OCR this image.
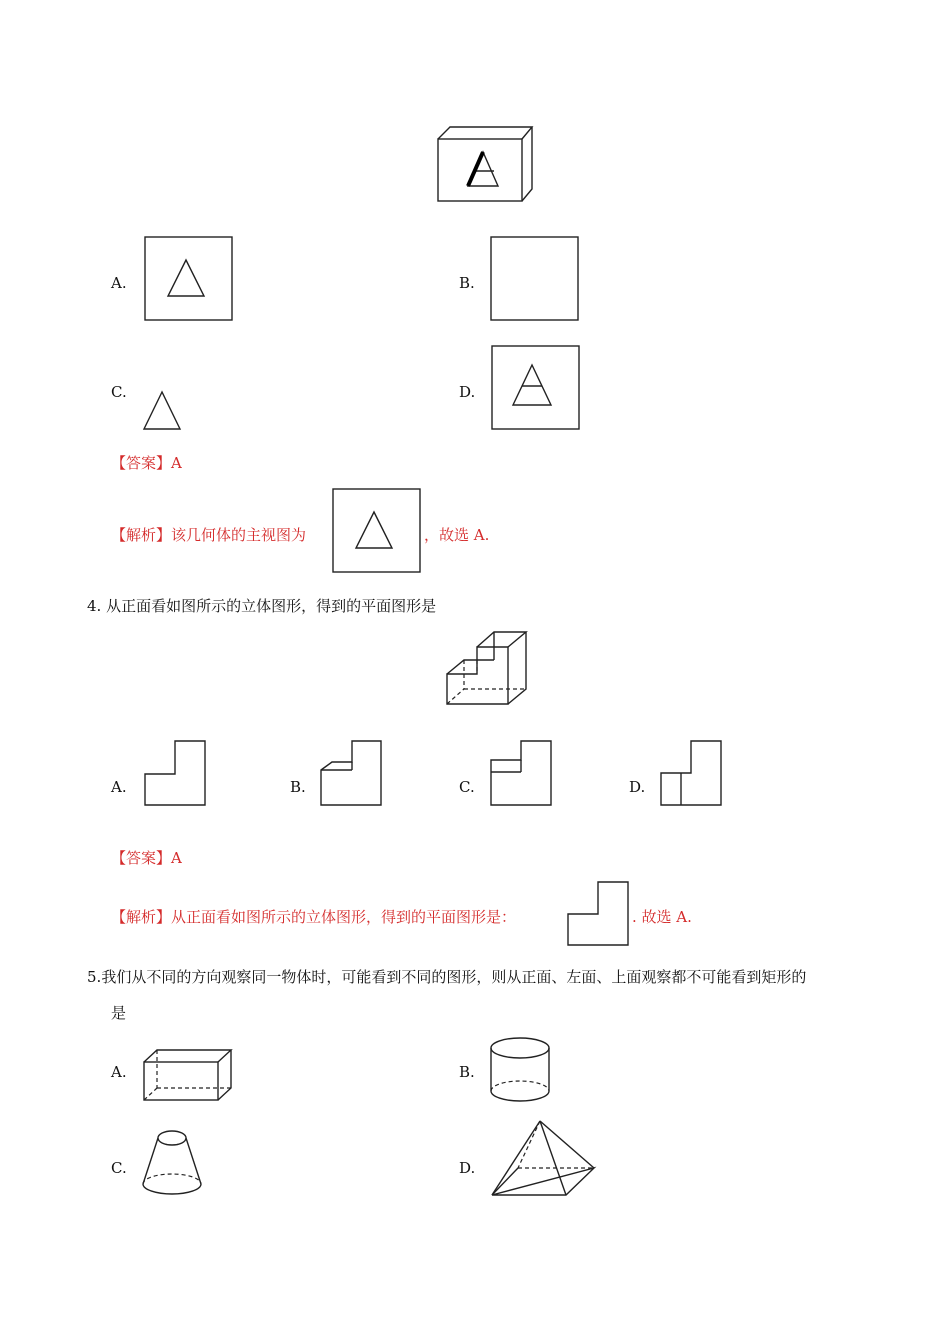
A.	B.
C.	D.
【答案】A
【解析】该几何体的主视图为	，故选 A.
4. 从正面看如图所示的立体图形，得到的平面图形是
A.	B.	C.	D.
【答案】A
【解析】从正面看如图所示的立体图形，得到的平面图形是：	. 故选 A.
5.我们从不同的方向观察同一物体时，可能看到不同的图形，则从正面、左面、上面观察都不可能看到矩形的
是
A.	B.
C.	D.
